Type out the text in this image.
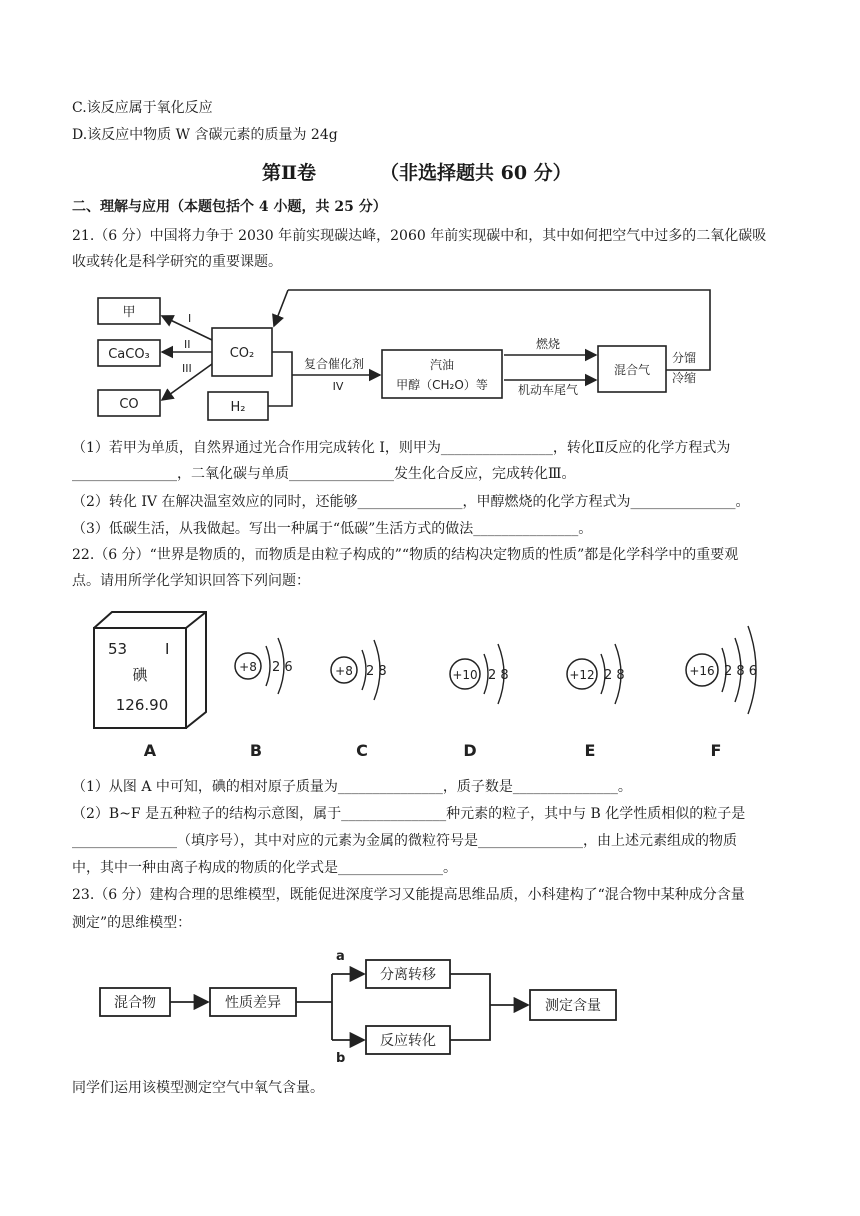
C.该反应属于氧化反应
D.该反应中物质 W 含碳元素的质量为 24g
第Ⅱ卷	（非选择题共 60 分）
二、理解与应用（本题包括个 4 小题，共 25 分）
21.（6 分）中国将力争于 2030 年前实现碳达峰，2060 年前实现碳中和，其中如何把空气中过多的二氧化碳吸
收或转化是科学研究的重要课题。
甲
CaCO₃
CO
CO₂
H₂
I
II
III	复合催化剂
IV
汽油
甲醇（CH₂O）等
燃烧
机动车尾气
混合气
分馏
冷缩
（1）若甲为单质，自然界通过光合作用完成转化 I，则甲为________________，转化Ⅱ反应的化学方程式为
_______________，二氧化碳与单质_______________发生化合反应，完成转化Ⅲ。
（2）转化 IV 在解决温室效应的同时，还能够_______________，甲醇燃烧的化学方程式为_______________。
（3）低碳生活，从我做起。写出一种属于“低碳”生活方式的做法_______________。
22.（6 分）“世界是物质的，而物质是由粒子构成的”“物质的结构决定物质的性质”都是化学科学中的重要观
点。请用所学化学知识回答下列问题：
53	I
碘
126.90
+8 2 6	+8 2 8	+10 2 8	+12 2 8	+16 2 8 6
A	B	C	D	E	F
（1）从图 A 中可知，碘的相对原子质量为_______________，质子数是_______________。
（2）B~F 是五种粒子的结构示意图，属于_______________种元素的粒子，其中与 B 化学性质相似的粒子是
_______________（填序号），其中对应的元素为金属的微粒符号是_______________，由上述元素组成的物质
中，其中一种由离子构成的物质的化学式是_______________。
23.（6 分）建构合理的思维模型，既能促进深度学习又能提高思维品质，小科建构了“混合物中某种成分含量
测定”的思维模型：
混合物	性质差异
分离转移
反应转化
测定含量
a
b
同学们运用该模型测定空气中氧气含量。
